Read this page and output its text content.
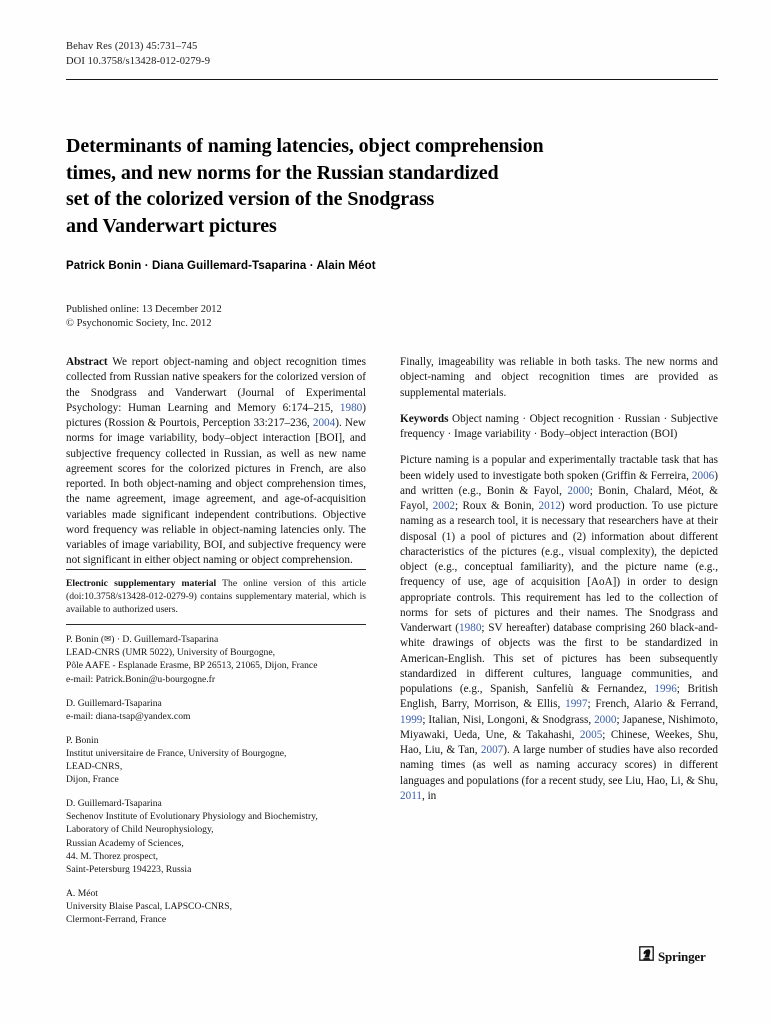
Behav Res (2013) 45:731–745
DOI 10.3758/s13428-012-0279-9
Determinants of naming latencies, object comprehension
times, and new norms for the Russian standardized
set of the colorized version of the Snodgrass
and Vanderwart pictures
Patrick Bonin · Diana Guillemard-Tsaparina · Alain Méot
Published online: 13 December 2012
© Psychonomic Society, Inc. 2012

Abstract We report object-naming and object recognition times collected from Russian native speakers for the colorized version of the Snodgrass and Vanderwart (Journal of Experimental Psychology: Human Learning and Memory 6:174–215, 1980) pictures (Rossion & Pourtois, Perception 33:217–236, 2004). New norms for image variability, body–object interaction [BOI], and subjective frequency collected in Russian, as well as new name agreement scores for the colorized pictures in French, are also reported. In both object-naming and object comprehension times, the name agreement, image agreement, and age-of-acquisition variables made significant independent contributions. Objective word frequency was reliable in object-naming latencies only. The variables of image variability, BOI, and subjective frequency were not significant in either object naming or object comprehension.

Electronic supplementary material The online version of this article (doi:10.3758/s13428-012-0279-9) contains supplementary material, which is available to authorized users.
P. Bonin (✉) · D. Guillemard-Tsaparina
LEAD-CNRS (UMR 5022), University of Bourgogne,
Pôle AAFE - Esplanade Erasme, BP 26513, 21065, Dijon, France
e-mail: Patrick.Bonin@u-bourgogne.fr
D. Guillemard-Tsaparina
e-mail: diana-tsap@yandex.com
P. Bonin
Institut universitaire de France, University of Bourgogne,
LEAD-CNRS,
Dijon, France
D. Guillemard-Tsaparina
Sechenov Institute of Evolutionary Physiology and Biochemistry,
Laboratory of Child Neurophysiology,
Russian Academy of Sciences,
44. M. Thorez prospect,
Saint-Petersburg 194223, Russia
A. Méot
University Blaise Pascal, LAPSCO-CNRS,
Clermont-Ferrand, France

Finally, imageability was reliable in both tasks. The new norms and object-naming and object recognition times are provided as supplemental materials.

Keywords Object naming · Object recognition · Russian · Subjective frequency · Image variability · Body–object interaction (BOI)

Picture naming is a popular and experimentally tractable task that has been widely used to investigate both spoken (Griffin & Ferreira, 2006) and written (e.g., Bonin & Fayol, 2000; Bonin, Chalard, Méot, & Fayol, 2002; Roux & Bonin, 2012) word production. To use picture naming as a research tool, it is necessary that researchers have at their disposal (1) a pool of pictures and (2) information about different characteristics of the pictures (e.g., visual complexity), the depicted object (e.g., conceptual familiarity), and the picture name (e.g., frequency of use, age of acquisition [AoA]) in order to design appropriate controls. This requirement has led to the collection of norms for sets of pictures and their names. The Snodgrass and Vanderwart (1980; SV hereafter) database comprising 260 black-and-white drawings of objects was the first to be standardized in American-English. This set of pictures has been subsequently standardized in different cultures, language communities, and populations (e.g., Spanish, Sanfeliù & Fernandez, 1996; British English, Barry, Morrison, & Ellis, 1997; French, Alario & Ferrand, 1999; Italian, Nisi, Longoni, & Snodgrass, 2000; Japanese, Nishimoto, Miyawaki, Ueda, Une, & Takahashi, 2005; Chinese, Weekes, Shu, Hao, Liu, & Tan, 2007). A large number of studies have also recorded naming times (as well as naming accuracy scores) in different languages and populations (for a recent study, see Liu, Hao, Li, & Shu, 2011, in

Springer
